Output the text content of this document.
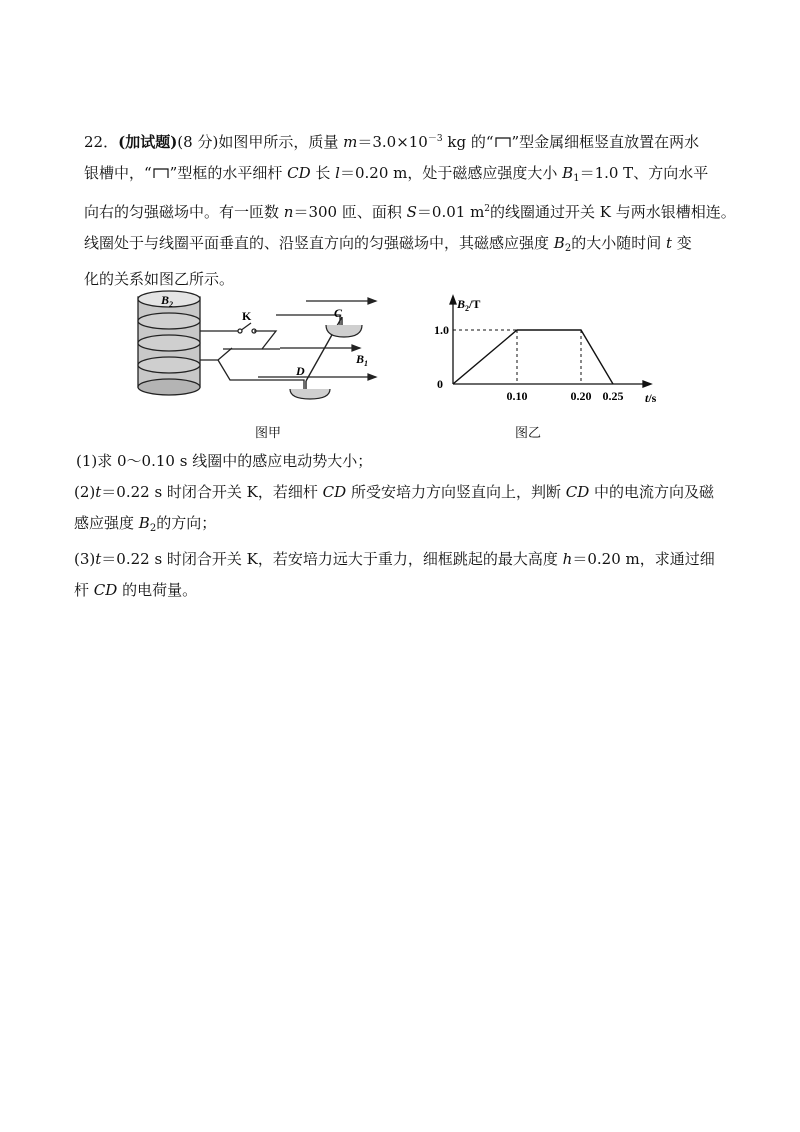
22．(加试题)(8 分)如图甲所示，质量 $m=3.0\times 10^{-3}$ kg 的“ ”型金属细框竖直放置在两水
银槽中，“ ”型框的水平细杆 CD 长 l＝0.20 m，处于磁感应强度大小 $B_1=1.0$ T、方向水平
向右的匀强磁场中。有一匝数 n＝300 匝、面积 S＝0.01 $m^2$的线圈通过开关 K 与两水银槽相连。
线圈处于与线圈平面垂直的、沿竖直方向的匀强磁场中，其磁感应强度 $B_2$的大小随时间 t 变
化的关系如图乙所示。
$B_2$
K	C
D
$B_1$
图甲
$B_2/T$
t/s
0
1.0
0.10	0.20 0.25
图乙
(1)求 0～0.10 s 线圈中的感应电动势大小；
(2)t＝0.22 s 时闭合开关 K，若细杆 CD 所受安培力方向竖直向上，判断 CD 中的电流方向及磁
感应强度 $B_2$的方向；
(3)t＝0.22 s 时闭合开关 K，若安培力远大于重力，细框跳起的最大高度 h＝0.20 m，求通过细
杆 CD 的电荷量。
